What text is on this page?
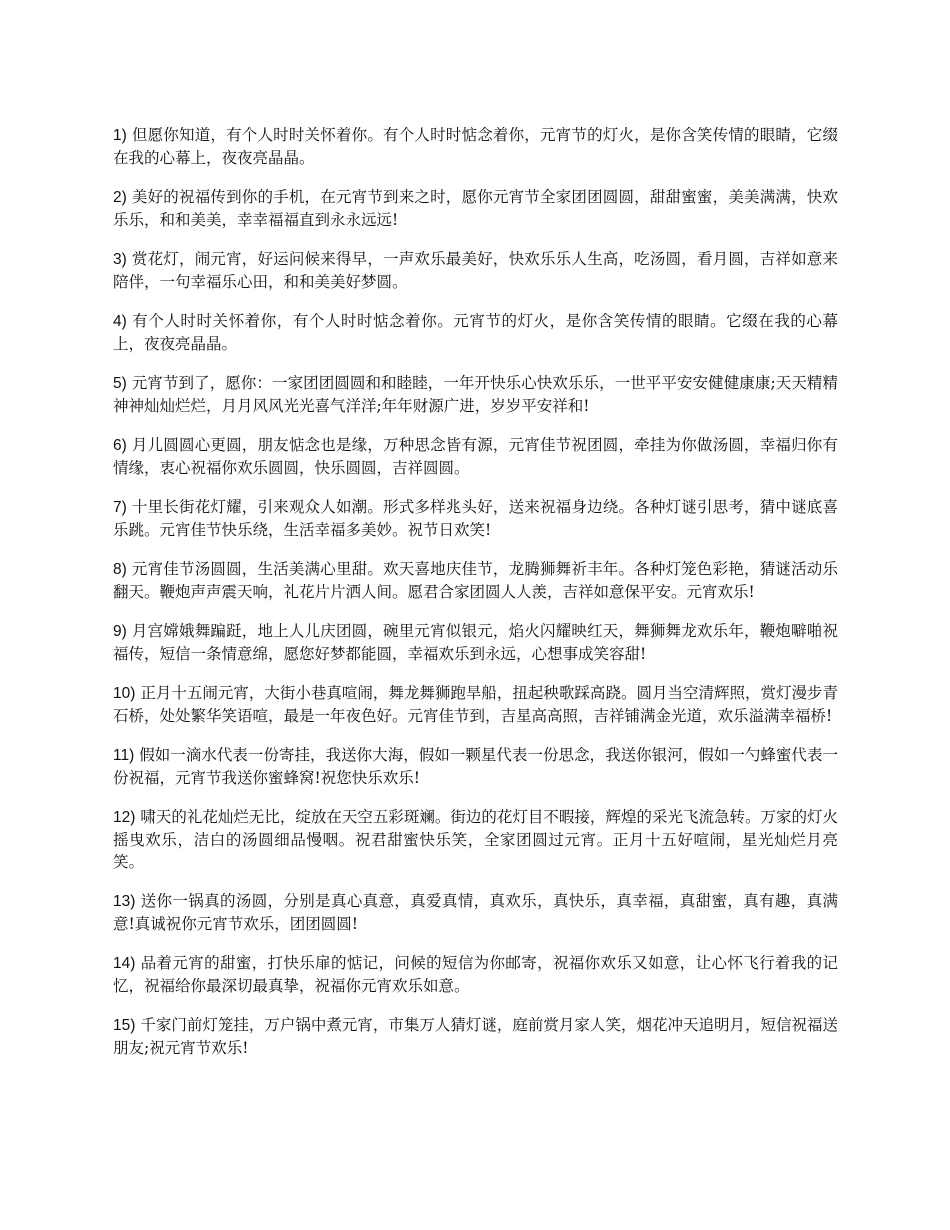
1) 但愿你知道，有个人时时关怀着你。有个人时时惦念着你，元宵节的灯火，是你含笑传情的眼睛，它缀在我的心幕上，夜夜亮晶晶。

2) 美好的祝福传到你的手机，在元宵节到来之时，愿你元宵节全家团团圆圆，甜甜蜜蜜，美美满满，快欢乐乐，和和美美，幸幸福福直到永永远远!

3) 赏花灯，闹元宵，好运问候来得早，一声欢乐最美好，快欢乐乐人生高，吃汤圆，看月圆，吉祥如意来陪伴，一句幸福乐心田，和和美美好梦圆。

4) 有个人时时关怀着你，有个人时时惦念着你。元宵节的灯火，是你含笑传情的眼睛。它缀在我的心幕上，夜夜亮晶晶。

5) 元宵节到了，愿你：一家团团圆圆和和睦睦，一年开快乐心快欢乐乐，一世平平安安健健康康;天天精精神神灿灿烂烂，月月风风光光喜气洋洋;年年财源广进，岁岁平安祥和!

6) 月儿圆圆心更圆，朋友惦念也是缘，万种思念皆有源，元宵佳节祝团圆，牵挂为你做汤圆，幸福归你有情缘，衷心祝福你欢乐圆圆，快乐圆圆，吉祥圆圆。

7) 十里长街花灯耀，引来观众人如潮。形式多样兆头好，送来祝福身边绕。各种灯谜引思考，猜中谜底喜乐跳。元宵佳节快乐绕，生活幸福多美妙。祝节日欢笑!

8) 元宵佳节汤圆圆，生活美满心里甜。欢天喜地庆佳节，龙腾狮舞祈丰年。各种灯笼色彩艳，猜谜活动乐翻天。鞭炮声声震天响，礼花片片洒人间。愿君合家团圆人人羡，吉祥如意保平安。元宵欢乐!

9) 月宫嫦娥舞蹁跹，地上人儿庆团圆，碗里元宵似银元，焰火闪耀映红天，舞狮舞龙欢乐年，鞭炮噼啪祝福传，短信一条情意绵，愿您好梦都能圆，幸福欢乐到永远，心想事成笑容甜!

10) 正月十五闹元宵，大街小巷真喧闹，舞龙舞狮跑旱船，扭起秧歌踩高跷。圆月当空清辉照，赏灯漫步青石桥，处处繁华笑语喧，最是一年夜色好。元宵佳节到，吉星高高照，吉祥铺满金光道，欢乐溢满幸福桥!

11) 假如一滴水代表一份寄挂，我送你大海，假如一颗星代表一份思念，我送你银河，假如一勺蜂蜜代表一份祝福，元宵节我送你蜜蜂窝!祝您快乐欢乐!

12) 啸天的礼花灿烂无比，绽放在天空五彩斑斓。街边的花灯目不暇接，辉煌的采光飞流急转。万家的灯火摇曳欢乐，洁白的汤圆细品慢咽。祝君甜蜜快乐笑，全家团圆过元宵。正月十五好喧闹，星光灿烂月亮笑。

13) 送你一锅真的汤圆，分别是真心真意，真爱真情，真欢乐，真快乐，真幸福，真甜蜜，真有趣，真满意!真诚祝你元宵节欢乐，团团圆圆!

14) 品着元宵的甜蜜，打快乐扉的惦记，问候的短信为你邮寄，祝福你欢乐又如意，让心怀飞行着我的记忆，祝福给你最深切最真挚，祝福你元宵欢乐如意。

15) 千家门前灯笼挂，万户锅中煮元宵，市集万人猜灯谜，庭前赏月家人笑，烟花冲天追明月，短信祝福送朋友;祝元宵节欢乐!
